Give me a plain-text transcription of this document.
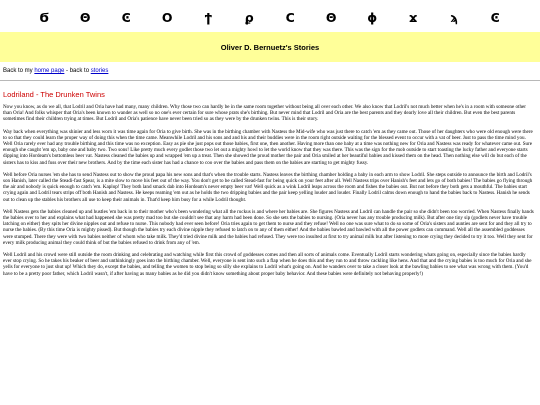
Ϭ Θ Ͼ Ο	ϯ	ϼ	Ϲ Θ ϕ	ϫ	ϡ	Ͼ
Oliver D. Bernuetz's Stories
Back to my home page - back to stories
Lodriland - The Drunken Twins

Now you know, as do we all, that Lodril and Oria have had many, many children. Why those two can hardly be in the same room together without being all over each other. We also know that Lodril's not much better when he's in a room with someone other than Oria! And folks whisper that Oria's been known to wander as well so no one's ever certain for sure whose prats she's birthing. But never mind that Lodril and Oria are the best parents and they dearly love all their children. But even the best parents sometimes find their children trying at times. But Lodril and Oria's patience have never been tried so as they were by the drunken twins. This is their story.

Way back when everything was shinier and less worn it was time again for Oria to give birth. She was in the birthing chamber with Nastess the Mid-wife who was just there to catch 'em as they came out. Those of her daughters who were old enough were there to so that they could learn the proper way of doing this when the time came. Meanwhile Lodril and his sons and and his and their buddies were in the room right outside waiting for the blessed event to occur with a vat of beer. Just to pass the time mind you. Well Oria rarely ever had any trouble birthing and this time was no exception. Easy as pie she just pops out those babies, first one, then another. Having more than one baby at a time was nothing new for Oria and Nastess was ready for whatever came out. Sure enough she caught 'em up, baby one and baby two. Two sons! Like pretty much every godlet those two let out a mighty howl to let the world know that they was there. This was the sign for the mob outside to start toasting the lucky father and everyone starts dipping into Hordeam's bottomless beer vat. Nastess cleaned the babies up and wrapped 'em up a treat. Then she showed the proud mother the pair and Oria smiled at her beautiful babies and kissed them on the head. Then nothing else will do but each of the sisters has to kiss and fuss over their new brothers. And by the time each sister has had a chance to coo over the babies and pass them on the babies are starting to get mighty fussy.

Well before Oria nurses 'em she has to send Nastess out to show the proud papa his new sons and that's when the trouble starts. Nastess leaves the birthing chamber holding a baby in each arm to show Lodril. She steps outside to announce the birth and Lodril's son Hanish, later called the Steadi-fast Spear, is a mite slow to move his feet out of the way. You don't get to be called Stead-fast for being quick on your feet after all. Well Nastess trips over Hanish's feet and lets go of both babies! The babies go flying through the air and nobody is quick enough to catch 'em. Kaplop! They both land smack dab into Hordeam's never empty beer vat! Well quick as a wink Lodril leaps across the room and fishes the babies out. But not before they both gets a mouthful. The babies start crying again and Lodril tears strips off both Hanish and Nastess. He keeps reaming 'em out as he holds the two dripping babies and the pair keep yelling louder and louder. Finally Lodril calms down enough to hand the babies back to Nastess. Hanish he sends out to clean up the stables his brothers all use to keep their animals in. That'd keep him busy for a while Lodril thought.

Well Nastess gets the babies cleaned up and hustles 'em back in to their mother who's been wondering what all the ruckus is and where her babies are. She figures Nastess and Lodril can handle the pair so she didn't been too worried. When Nastess finally hands the babies over to her and explains what had happened she was pretty mad too but she couldn't see that any harm had been done. So she sets the babies to nursing. (Oria never has any trouble producing milk). But after one tiny sip (godlets never have trouble latching on either) they spits her divine nipples out and refuse to nurse. This nobody had ever seen before! Oria tries again to get them to nurse and they refuse! Well no one was sure what to do so some of Oria's sisters and aunties are sent for and they all try to nurse the babies. (By this time Oria is mighty pissed). But though the babies try each divine nipple they refused to latch on to any of them either! And the babies bawled and bawled with all the power godlets can command. Well all the assembled goddesses were stumped. There they were with two babies neither of whom who take milk. They'd tried divine milk and the babies had refused. They were too insulted at first to try animal milk but after listening to more crying they decided to try it too. Well they sent for every milk producing animal they could think of but the babies refused to drink from any of 'em.

Well Lodril and his crowd were still outside the room drinking and celebrating and watching while first this crowd of goddesses comes and then all sorts of animals come. Eventually Lodril starts wondering whats going on, especially since the babies hardly ever stop crying. So he takes his beaker of beer and unthinkingly goes into the birthing chamber. Well, everyone is sent into such a flap when he does this and they run to and throw cackling like hens. And that and the crying babies is too much for Oria and she yells for everyone to just shut up! Which they do, except the babies, and telling the women to stop being so silly she explains to Lodril what's going on. And he wanders over to take a closer look at the bawling babies to see what was wrong with them. (You'd have to be a pretty poor father, which Lodril wasn't, if after having as many babies as he did you didn't know something about proper baby behavior. And these babies were definitely not behaving properly!)
